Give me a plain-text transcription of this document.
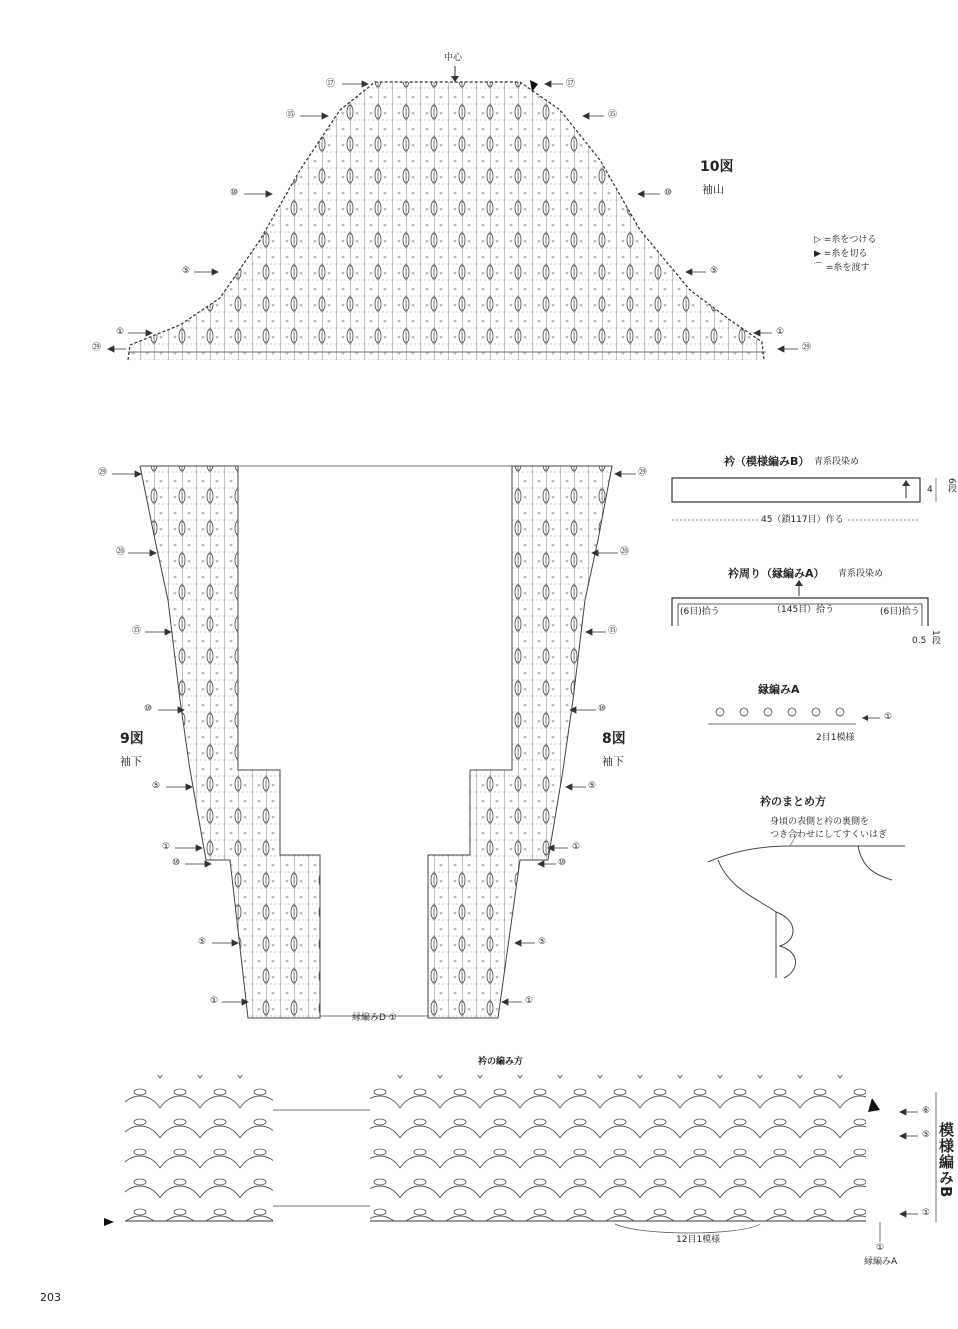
中心
⑰	⑰
⑮	⑮
⑩	⑩
⑤	⑤
①	①
㉙	㉙
10図
袖山
▷ =糸をつける
▶ =糸を切る
⌒ =糸を渡す
㉙
⑳
⑮
⑩
⑤
①
⑩
⑤
①
9図
袖下
㉙
⑳
⑮
⑩
⑤
①
⑩
⑤
①
8図
袖下
縁編みD ①
衿（模様編みB） 青系段染め
45（鎖117目）作る
4 6段
衿周り（縁編みA） 青系段染め
(6目)拾う	（145目）拾う	(6目)拾う
0.5 1段
縁編みA
2目1模様
①
衿のまとめ方
身頃の表側と衿の裏側を
つき合わせにしてすくいはぎ
衿の編み方
12目1模様
⑥
⑤
①
模様編みB
①
縁編みA
203
